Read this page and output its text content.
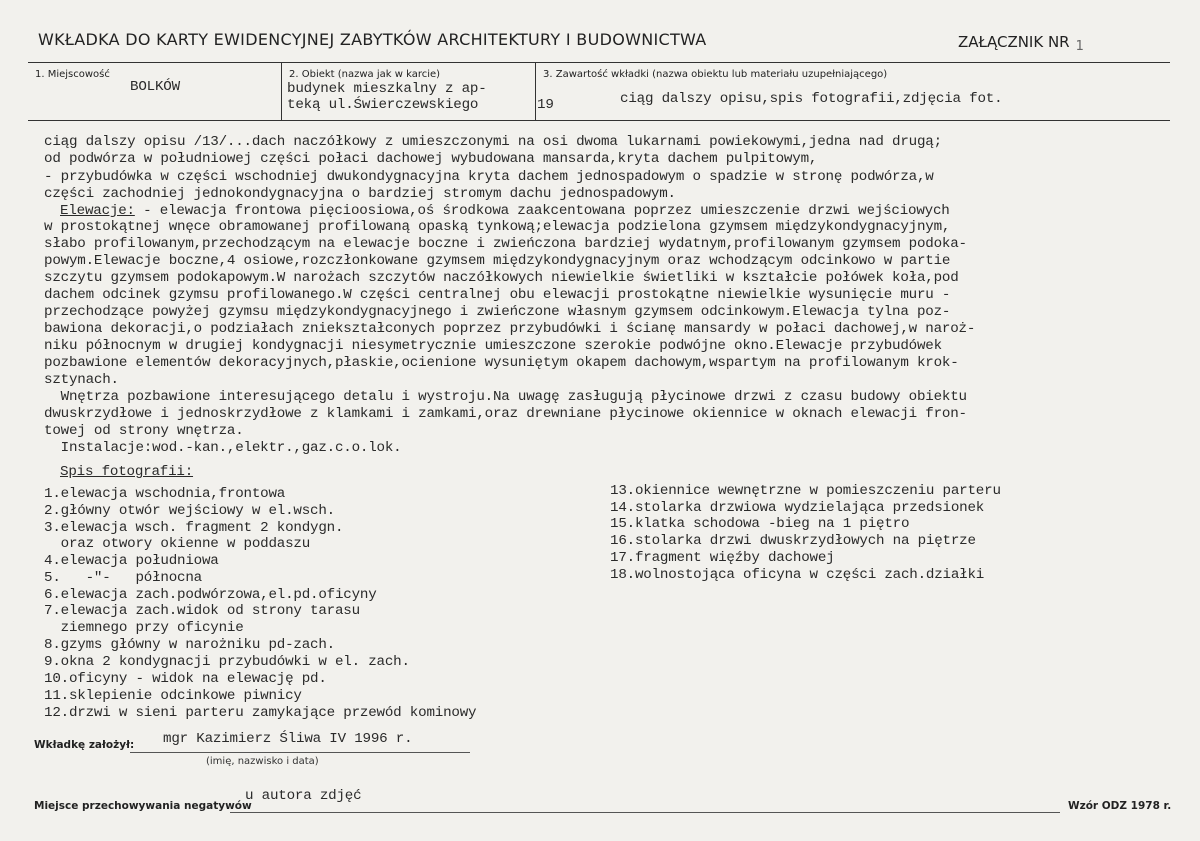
WKŁADKA DO KARTY EWIDENCYJNEJ ZABYTKÓW ARCHITEKTURY I BUDOWNICTWA	ZAŁĄCZNIK NR 1
1. Miejscowość
BOLKÓW
2. Obiekt (nazwa jak w karcie)
budynek mieszkalny z ap-
teką ul.Świerczewskiego	19
3. Zawartość wkładki (nazwa obiektu lub materiału uzupełniającego)
ciąg dalszy opisu,spis fotografii,zdjęcia fot.
ciąg dalszy opisu /13/...dach naczółkowy z umieszczonymi na osi dwoma lukarnami powiekowymi,jedna nad drugą;
od podwórza w południowej części połaci dachowej wybudowana mansarda,kryta dachem pulpitowym,
- przybudówka w części wschodniej dwukondygnacyjna kryta dachem jednospadowym o spadzie w stronę podwórza,w
części zachodniej jednokondygnacyjna o bardziej stromym dachu jednospadowym.
Elewacje: - elewacja frontowa pięcioosiowa,oś środkowa zaakcentowana poprzez umieszczenie drzwi wejściowych
w prostokątnej wnęce obramowanej profilowaną opaską tynkową;elewacja podzielona gzymsem międzykondygnacyjnym,
słabo profilowanym,przechodzącym na elewacje boczne i zwieńczona bardziej wydatnym,profilowanym gzymsem podoka-
powym.Elewacje boczne,4 osiowe,rozczłonkowane gzymsem międzykondygnacyjnym oraz wchodzącym odcinkowo w partie
szczytu gzymsem podokapowym.W narożach szczytów naczółkowych niewielkie świetliki w kształcie połówek koła,pod
dachem odcinek gzymsu profilowanego.W części centralnej obu elewacji prostokątne niewielkie wysunięcie muru -
przechodzące powyżej gzymsu międzykondygnacyjnego i zwieńczone własnym gzymsem odcinkowym.Elewacja tylna poz-
bawiona dekoracji,o podziałach zniekształconych poprzez przybudówki i ścianę mansardy w połaci dachowej,w naroż-
niku północnym w drugiej kondygnacji niesymetrycznie umieszczone szerokie podwójne okno.Elewacje przybudówek
pozbawione elementów dekoracyjnych,płaskie,ocienione wysuniętym okapem dachowym,wspartym na profilowanym krok-
sztynach.
Wnętrza pozbawione interesującego detalu i wystroju.Na uwagę zasługują płycinowe drzwi z czasu budowy obiektu
dwuskrzydłowe i jednoskrzydłowe z klamkami i zamkami,oraz drewniane płycinowe okiennice w oknach elewacji fron-
towej od strony wnętrza.
Instalacje:wod.-kan.,elektr.,gaz.c.o.lok.
Spis fotografii:
1.elewacja wschodnia,frontowa
2.główny otwór wejściowy w el.wsch.
3.elewacja wsch. fragment 2 kondygn.
oraz otwory okienne w poddaszu
4.elewacja południowa
5.   -"-   północna
6.elewacja zach.podwórzowa,el.pd.oficyny
7.elewacja zach.widok od strony tarasu
ziemnego przy oficynie
8.gzyms główny w narożniku pd-zach.
9.okna 2 kondygnacji przybudówki w el. zach.
10.oficyny - widok na elewację pd.
11.sklepienie odcinkowe piwnicy
12.drzwi w sieni parteru zamykające przewód kominowy
13.okiennice wewnętrzne w pomieszczeniu parteru
14.stolarka drzwiowa wydzielająca przedsionek
15.klatka schodowa -bieg na 1 piętro
16.stolarka drzwi dwuskrzydłowych na piętrze
17.fragment więźby dachowej
18.wolnostojąca oficyna w części zach.działki
Wkładkę założył: mgr Kazimierz Śliwa IV 1996 r.
(imię, nazwisko i data)
Miejsce przechowywania negatywów
u autora zdjęć
Wzór ODZ 1978 r.
